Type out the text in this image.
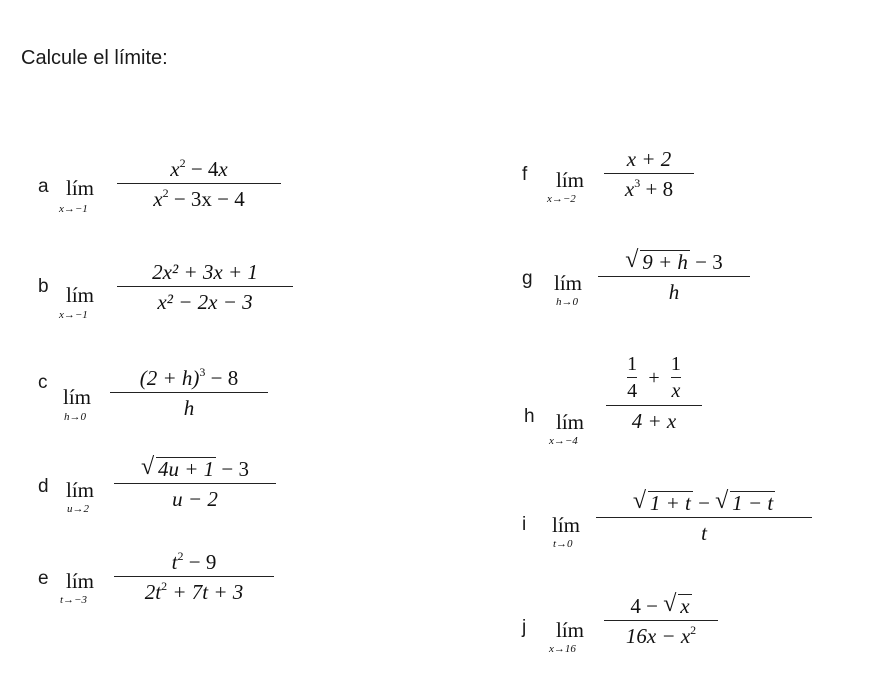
Calcule el límite:
a lím
x→−1
$x^2 - 4x$
$x^2 - 3x - 4$
b lím
x→−1
2x² + 3x + 1
x² − 2x − 3
c
lím
h→0
$(2 + h)^3 - 8$
h
d lím
u→2
√ 4u + 1 − 3
u − 2
e lím
t→−3
$t^2 - 9$
$2t^2 + 7t + 3$
f lím
x→−2
x + 2
$x^3 + 8$
g lím
h→0
√ 9 + h − 3
h
h lím
x→−4
$\frac{1}{4} + \frac{1}{x}$
4 + x
i lím
t→0
√ 1 + t − √ 1 − t
t
j lím
x→16
4 − √ x
$16x - x^2$
